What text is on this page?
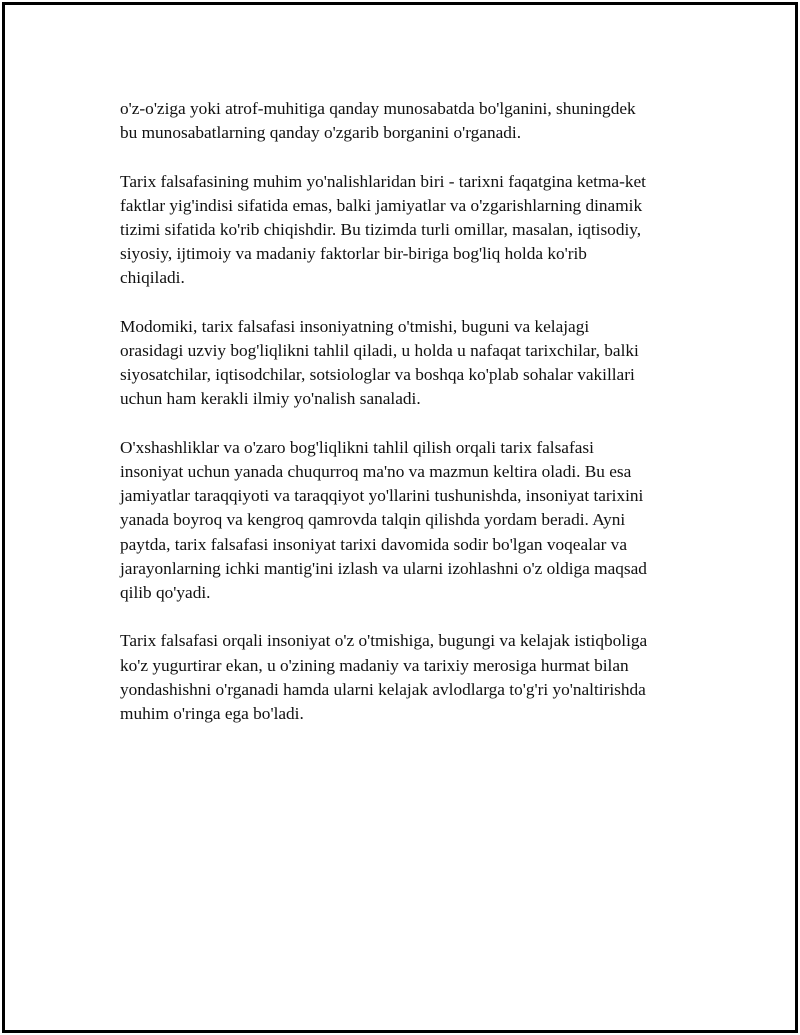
o'z-o'ziga yoki atrof-muhitiga qanday munosabatda bo'lganini, shuningdek
bu munosabatlarning qanday o'zgarib borganini o'rganadi.

Tarix falsafasining muhim yo'nalishlaridan biri - tarixni faqatgina ketma-ket
faktlar yig'indisi sifatida emas, balki jamiyatlar va o'zgarishlarning dinamik
tizimi sifatida ko'rib chiqishdir. Bu tizimda turli omillar, masalan, iqtisodiy,
siyosiy, ijtimoiy va madaniy faktorlar bir-biriga bog'liq holda ko'rib
chiqiladi.

Modomiki, tarix falsafasi insoniyatning o'tmishi, buguni va kelajagi
orasidagi uzviy bog'liqlikni tahlil qiladi, u holda u nafaqat tarixchilar, balki
siyosatchilar, iqtisodchilar, sotsiologlar va boshqa ko'plab sohalar vakillari
uchun ham kerakli ilmiy yo'nalish sanaladi.

O'xshashliklar va o'zaro bog'liqlikni tahlil qilish orqali tarix falsafasi
insoniyat uchun yanada chuqurroq ma'no va mazmun keltira oladi. Bu esa
jamiyatlar taraqqiyoti va taraqqiyot yo'llarini tushunishda, insoniyat tarixini
yanada boyroq va kengroq qamrovda talqin qilishda yordam beradi. Ayni
paytda, tarix falsafasi insoniyat tarixi davomida sodir bo'lgan voqealar va
jarayonlarning ichki mantig'ini izlash va ularni izohlashni o'z oldiga maqsad
qilib qo'yadi.

Tarix falsafasi orqali insoniyat o'z o'tmishiga, bugungi va kelajak istiqboliga
ko'z yugurtirar ekan, u o'zining madaniy va tarixiy merosiga hurmat bilan
yondashishni o'rganadi hamda ularni kelajak avlodlarga to'g'ri yo'naltirishda
muhim o'ringa ega bo'ladi.
